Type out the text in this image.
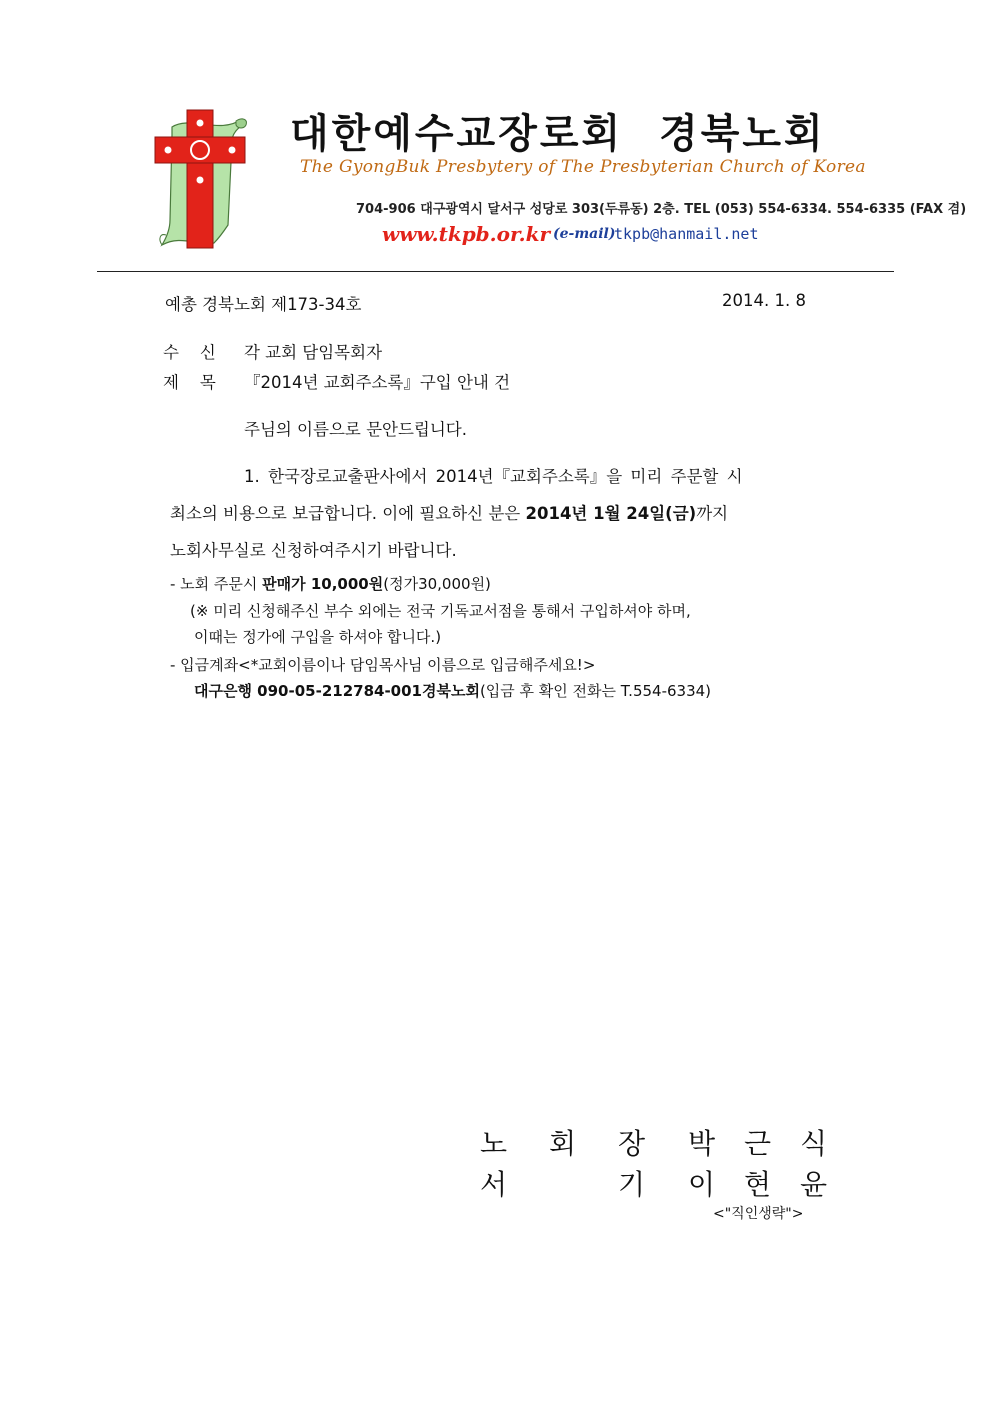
대한예수교장로회 경북노회
The GyongBuk Presbytery of The Presbyterian Church of Korea
704-906 대구광역시 달서구 성당로 303(두류동) 2층. TEL (053) 554-6334. 554-6335 (FAX 겸)
www.tkpb.or.kr (e-mail)
tkpb@hanmail.net
예총 경북노회 제173-34호	2014. 1. 8
수    신 각 교회 담임목회자
제    목 『2014년 교회주소록』구입 안내 건
주님의 이름으로 문안드립니다.
1. 한국장로교출판사에서 2014년『교회주소록』을 미리 주문할 시
최소의 비용으로 보급합니다. 이에 필요하신 분은 2014년 1월 24일(금)까지
노회사무실로 신청하여주시기 바랍니다.
- 노회 주문시 판매가 10,000원(정가30,000원)
(※ 미리 신청해주신 부수 외에는 전국 기독교서점을 통해서 구입하셔야 하며,
이때는 정가에 구입을 하셔야 합니다.)
- 입금계좌<*교회이름이나 담임목사님 이름으로 입금해주세요!>
대구은행 090-05-212784-001경북노회(입금 후 확인 전화는 T.554-6334)
노 회 장 박 근 식
서	기 이 현 윤
<"직인생략">
